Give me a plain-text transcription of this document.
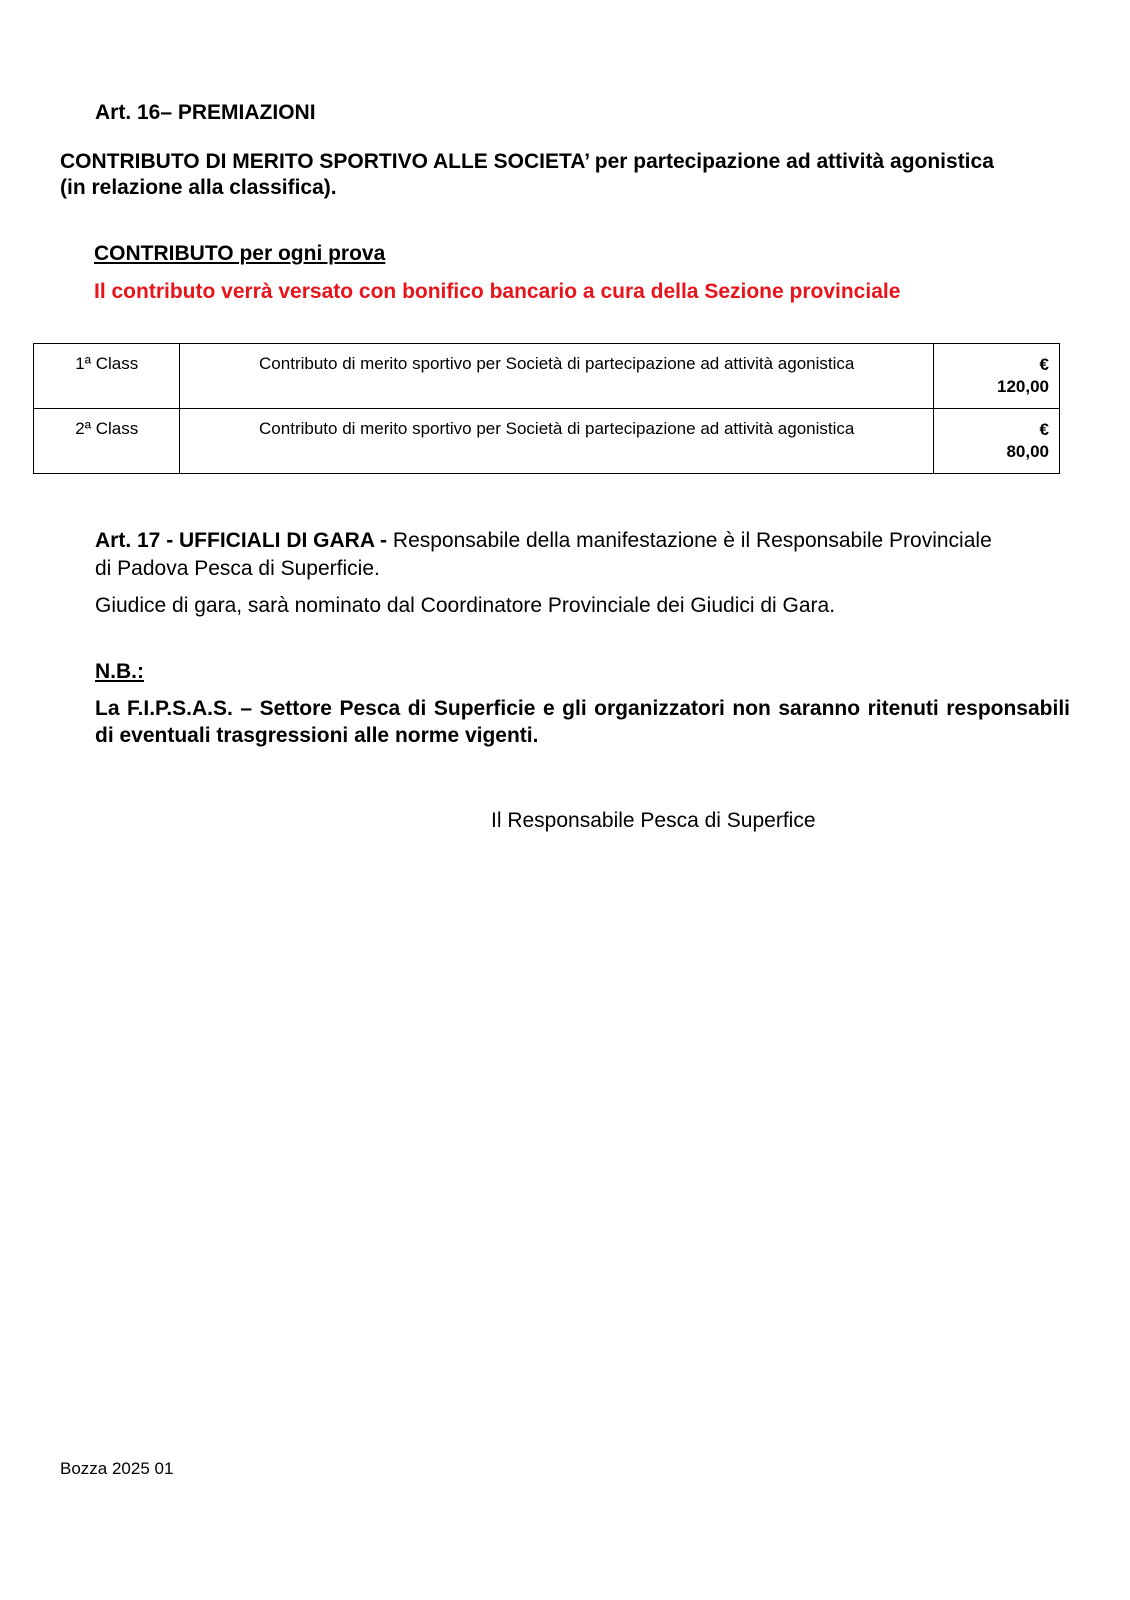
Art. 16– PREMIAZIONI

CONTRIBUTO DI MERITO SPORTIVO ALLE SOCIETA’ per partecipazione ad attività agonistica
(in relazione alla classifica).

CONTRIBUTO per ogni prova
Il contributo verrà versato con bonifico bancario a cura della Sezione provinciale
1ª Class	Contributo di merito sportivo per Società di partecipazione ad attività agonistica	€
120,00

2ª Class	Contributo di merito sportivo per Società di partecipazione ad attività agonistica	€
80,00

Art. 17 - UFFICIALI DI GARA - Responsabile della manifestazione è il Responsabile Provinciale
di Padova Pesca di Superficie.

Giudice di gara, sarà nominato dal Coordinatore Provinciale dei Giudici di Gara.
N.B.:

La F.I.P.S.A.S. – Settore Pesca di Superficie e gli organizzatori non saranno ritenuti responsabili di eventuali trasgressioni alle norme vigenti.

Il Responsabile Pesca di Superfice
Bozza 2025 01
